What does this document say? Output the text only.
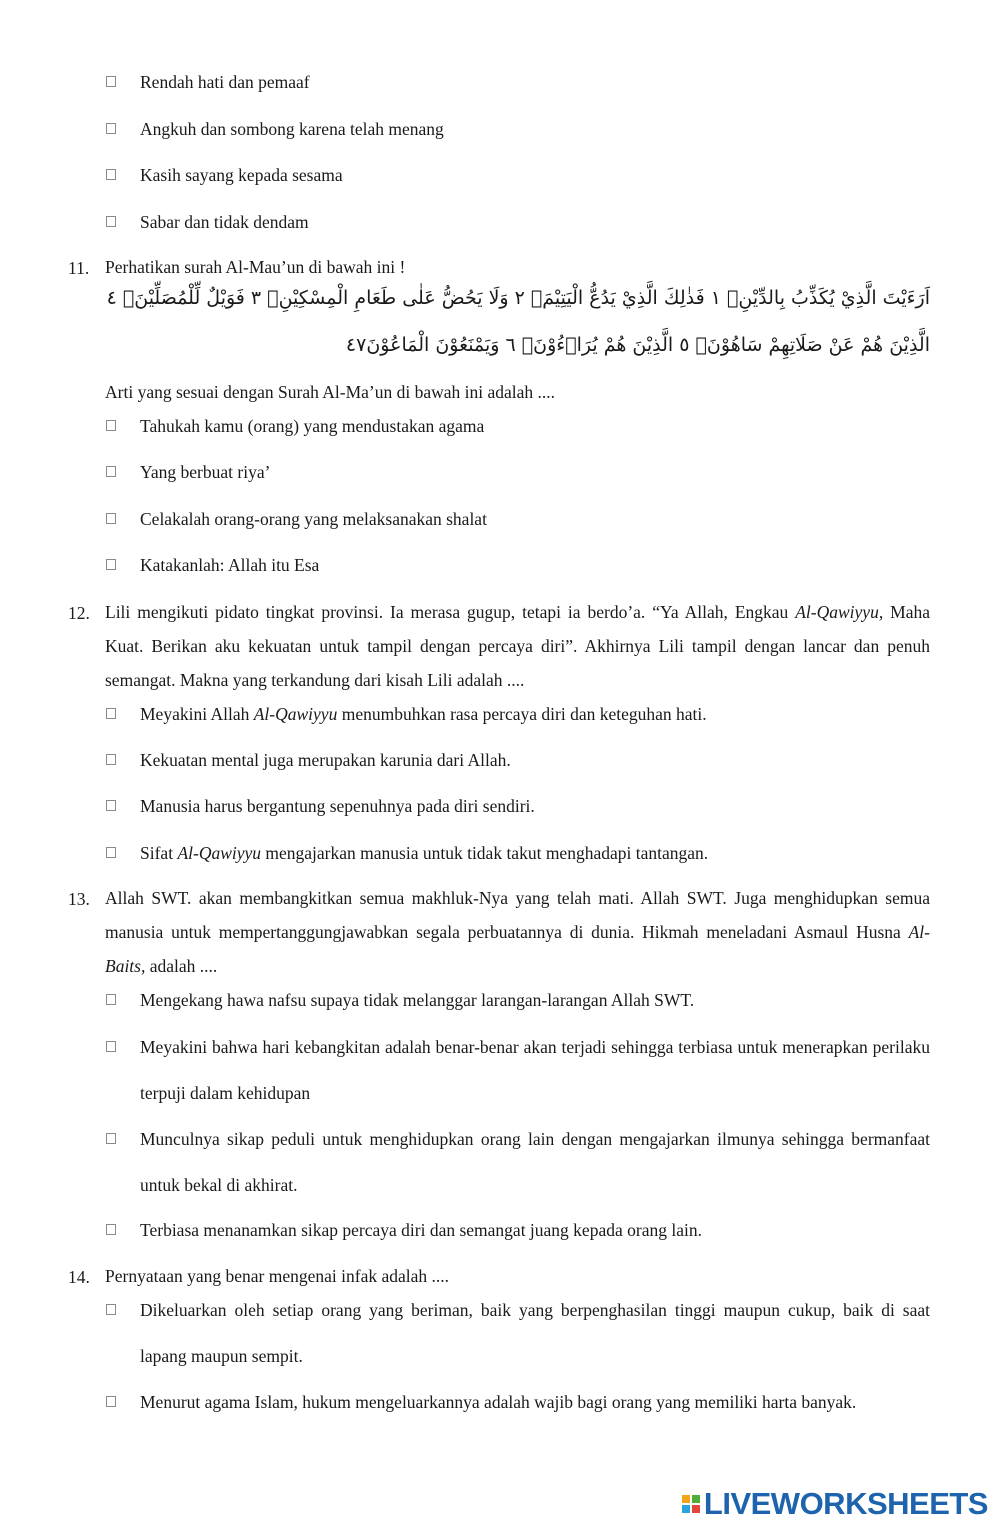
Rendah hati dan pemaaf
Angkuh dan sombong karena telah menang
Kasih sayang kepada sesama
Sabar dan tidak dendam
11. Perhatikan surah Al-Mau’un di bawah ini !
اَرَءَيْتَ الَّذِيْ يُكَذِّبُ بِالدِّيْنِۗ ١ فَذٰلِكَ الَّذِيْ يَدُعُّ الْيَتِيْمَۙ ٢ وَلَا يَحُضُّ عَلٰى طَعَامِ الْمِسْكِيْنِۗ ٣ فَوَيْلٌ لِّلْمُصَلِّيْنَۙ ٤
الَّذِيْنَ هُمْ عَنْ صَلَاتِهِمْ سَاهُوْنَۙ ٥ الَّذِيْنَ هُمْ يُرَاۤءُوْنَۙ ٦ وَيَمْنَعُوْنَ الْمَاعُوْنَ٤٧
Arti yang sesuai dengan Surah Al-Ma’un di bawah ini adalah ....
Tahukah kamu (orang) yang mendustakan agama
Yang berbuat riya’
Celakalah orang-orang yang melaksanakan shalat
Katakanlah: Allah itu Esa
12. Lili mengikuti pidato tingkat provinsi. Ia merasa gugup, tetapi ia berdo’a. “Ya Allah, Engkau Al-Qawiyyu, Maha Kuat. Berikan aku kekuatan untuk tampil dengan percaya diri”. Akhirnya Lili tampil dengan lancar dan penuh semangat. Makna yang terkandung dari kisah Lili adalah ....
Meyakini Allah Al-Qawiyyu menumbuhkan rasa percaya diri dan keteguhan hati.
Kekuatan mental juga merupakan karunia dari Allah.
Manusia harus bergantung sepenuhnya pada diri sendiri.
Sifat Al-Qawiyyu mengajarkan manusia untuk tidak takut menghadapi tantangan.
13. Allah SWT. akan membangkitkan semua makhluk-Nya yang telah mati. Allah SWT. Juga menghidupkan semua manusia untuk mempertanggungjawabkan segala perbuatannya di dunia. Hikmah meneladani Asmaul Husna Al-Baits, adalah ....
Mengekang hawa nafsu supaya tidak melanggar larangan-larangan Allah SWT.
Meyakini bahwa hari kebangkitan adalah benar-benar akan terjadi sehingga terbiasa untuk menerapkan perilaku terpuji dalam kehidupan
Munculnya sikap peduli untuk menghidupkan orang lain dengan mengajarkan ilmunya sehingga bermanfaat untuk bekal di akhirat.
Terbiasa menanamkan sikap percaya diri dan semangat juang kepada orang lain.
14. Pernyataan yang benar mengenai infak adalah ....
Dikeluarkan oleh setiap orang yang beriman, baik yang berpenghasilan tinggi maupun cukup, baik di saat lapang maupun sempit.
Menurut agama Islam, hukum mengeluarkannya adalah wajib bagi orang yang memiliki harta banyak.
LIVEWORKSHEETS
